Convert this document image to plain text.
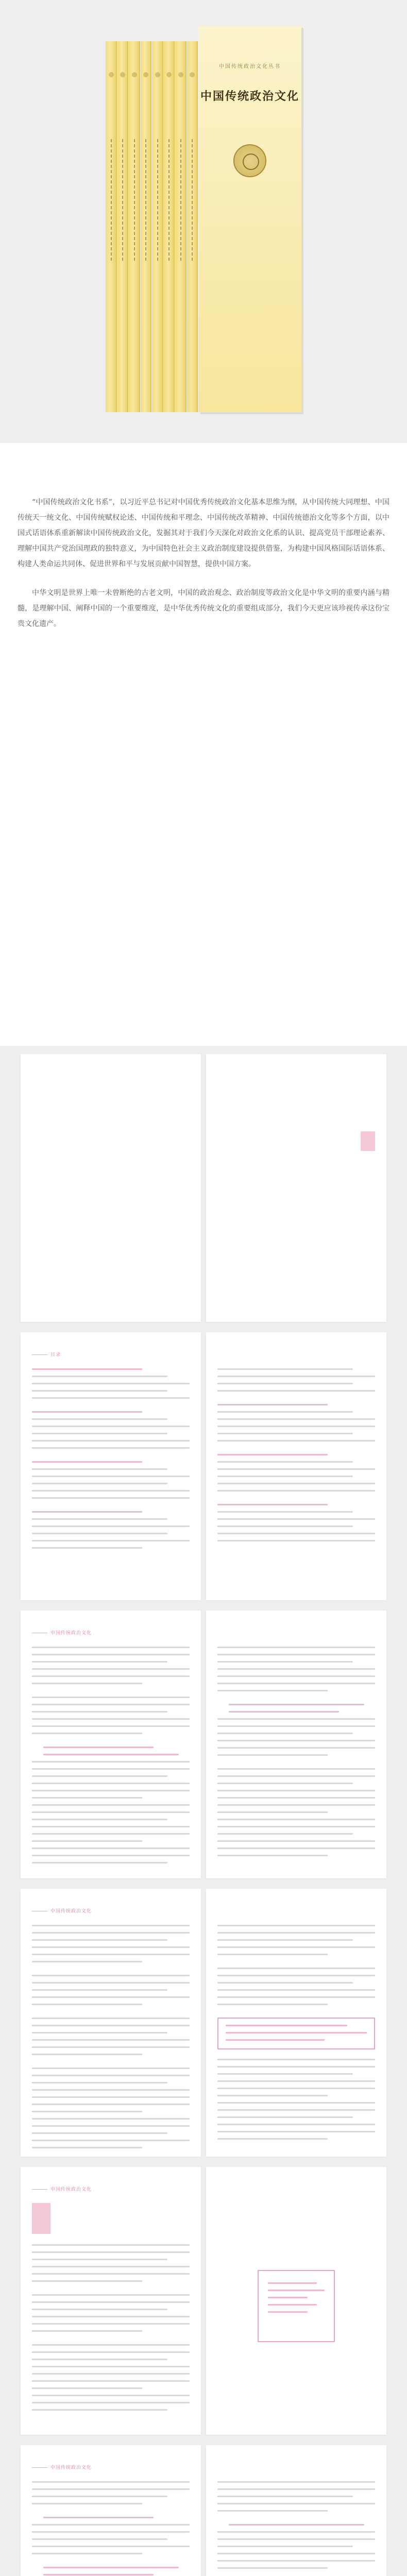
中国传统政治文化丛书
中国传统政治文化

“中国传统政治文化书系”，以习近平总书记对中国优秀传统政治文化基本思维为纲，从中国传统大同理想、中国传统天一统文化、中国传统赋权论述、中国传统和平理念、中国传统改革精神、中国传统德治文化等多个方面，以中国式话语体系重新解读中国传统政治文化，发掘其对于我们今天深化对政治文化系的认识、提高党员干部理论素养、理解中国共产党治国理政的独特意义，为中国特色社会主义政治制度建设提供借鉴，为构建中国风格国际话语体系、构建人类命运共同体、促进世界和平与发展贡献中国智慧，提供中国方案。

中华文明是世界上唯一未曾断绝的古老文明，中国的政治观念、政治制度等政治文化是中华文明的重要内涵与精髓，是理解中国、阐释中国的一个重要维度，是中华优秀传统文化的重要组成部分，我们今天更应该珍视传承这份宝贵文化遗产。

目录
中国传统政治文化
中国传统政治文化
中国传统政治文化
中国传统政治文化
